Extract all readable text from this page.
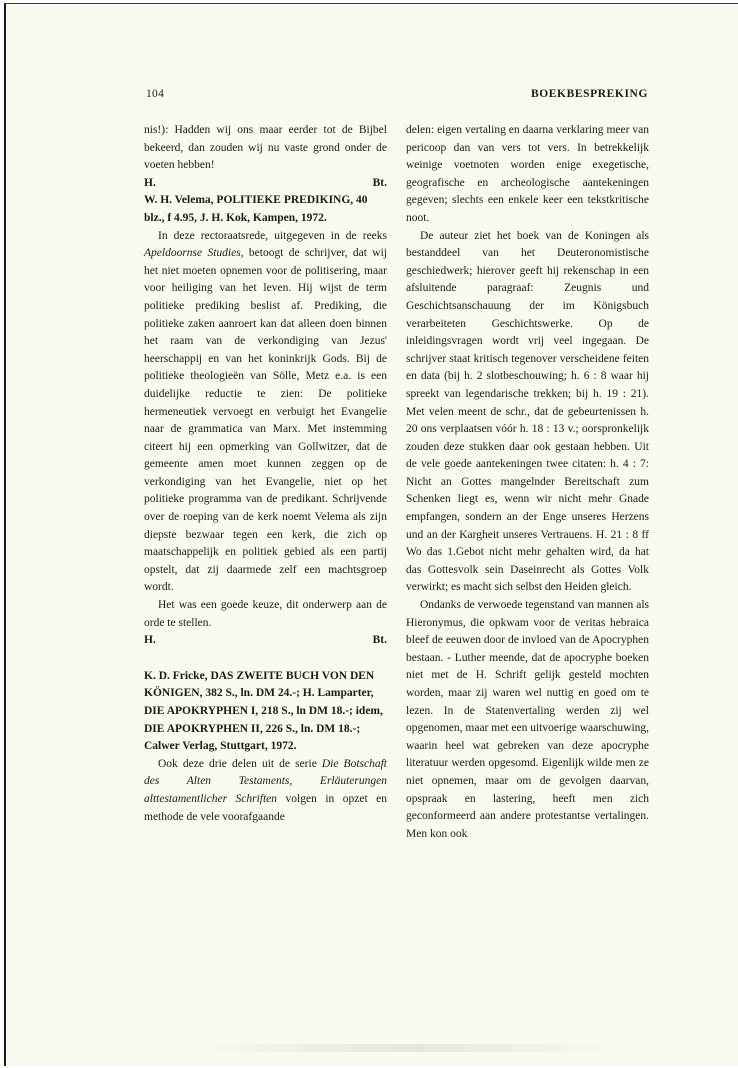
104	BOEKBESPREKING

nis!): Hadden wij ons maar eerder tot de Bijbel bekeerd, dan zouden wij nu vaste grond onder de voeten hebben!

H.	Bt.

W. H. Velema, POLITIEKE PREDIKING, 40 blz., f 4.95, J. H. Kok, Kampen, 1972.

In deze rectoraatsrede, uitgegeven in de reeks Apeldoornse Studies, betoogt de schrijver, dat wij het niet moeten opnemen voor de politisering, maar voor heiliging van het leven. Hij wijst de term politieke prediking beslist af. Prediking, die politieke zaken aanroert kan dat alleen doen binnen het raam van de verkondiging van Jezus' heerschappij en van het koninkrijk Gods. Bij de politieke theologieën van Sölle, Metz e.a. is een duidelijke reductie te zien: De politieke hermeneutiek vervoegt en verbuigt het Evangelie naar de grammatica van Marx. Met instemming citeert hij een opmerking van Gollwitzer, dat de gemeente amen moet kunnen zeggen op de verkondiging van het Evangelie, niet op het politieke programma van de predikant. Schrijvende over de roeping van de kerk noemt Velema als zijn diepste bezwaar tegen een kerk, die zich op maatschappelijk en politiek gebied als een partij opstelt, dat zij daarmede zelf een machtsgroep wordt.

Het was een goede keuze, dit onderwerp aan de orde te stellen.

H.	Bt.

K. D. Fricke, DAS ZWEITE BUCH VON DEN KÖNIGEN, 382 S., ln. DM 24.-; H. Lamparter, DIE APOKRYPHEN I, 218 S., ln DM 18.-; idem, DIE APOKRYPHEN II, 226 S., ln. DM 18.-; Calwer Verlag, Stuttgart, 1972.

Ook deze drie delen uit de serie Die Botschaft des Alten Testaments, Erläuterungen alttestamentlicher Schriften volgen in opzet en methode de vele voorafgaande

delen: eigen vertaling en daarna verklaring meer van pericoop dan van vers tot vers. In betrekkelijk weinige voetnoten worden enige exegetische, geografische en archeologische aantekeningen gegeven; slechts een enkele keer een tekstkritische noot.

De auteur ziet het boek van de Koningen als bestanddeel van het Deuteronomistische geschiedwerk; hierover geeft hij rekenschap in een afsluitende paragraaf: Zeugnis und Geschichtsanschauung der im Königsbuch verarbeiteten Geschichtswerke. Op de inleidingsvragen wordt vrij veel ingegaan. De schrijver staat kritisch tegenover verscheidene feiten en data (bij h. 2 slotbeschouwing; h. 6 : 8 waar hij spreekt van legendarische trekken; bij h. 19 : 21). Met velen meent de schr., dat de gebeurtenissen h. 20 ons verplaatsen vóór h. 18 : 13 v.; oorspronkelijk zouden deze stukken daar ook gestaan hebben. Uit de vele goede aantekeningen twee citaten: h. 4 : 7: Nicht an Gottes mangelnder Bereitschaft zum Schenken liegt es, wenn wir nicht mehr Gnade empfangen, sondern an der Enge unseres Herzens und an der Kargheit unseres Vertrauens. H. 21 : 8 ff Wo das 1.Gebot nicht mehr gehalten wird, da hat das Gottesvolk sein Daseinrecht als Gottes Volk verwirkt; es macht sich selbst den Heiden gleich.

Ondanks de verwoede tegenstand van mannen als Hieronymus, die opkwam voor de veritas hebraica bleef de eeuwen door de invloed van de Apocryphen bestaan. - Luther meende, dat de apocryphe boeken niet met de H. Schrift gelijk gesteld mochten worden, maar zij waren wel nuttig en goed om te lezen. In de Statenvertaling werden zij wel opgenomen, maar met een uitvoerige waarschuwing, waarin heel wat gebreken van deze apocryphe literatuur werden opgesomd. Eigenlijk wilde men ze niet opnemen, maar om de gevolgen daarvan, opspraak en lastering, heeft men zich geconformeerd aan andere protestantse vertalingen. Men kon ook
